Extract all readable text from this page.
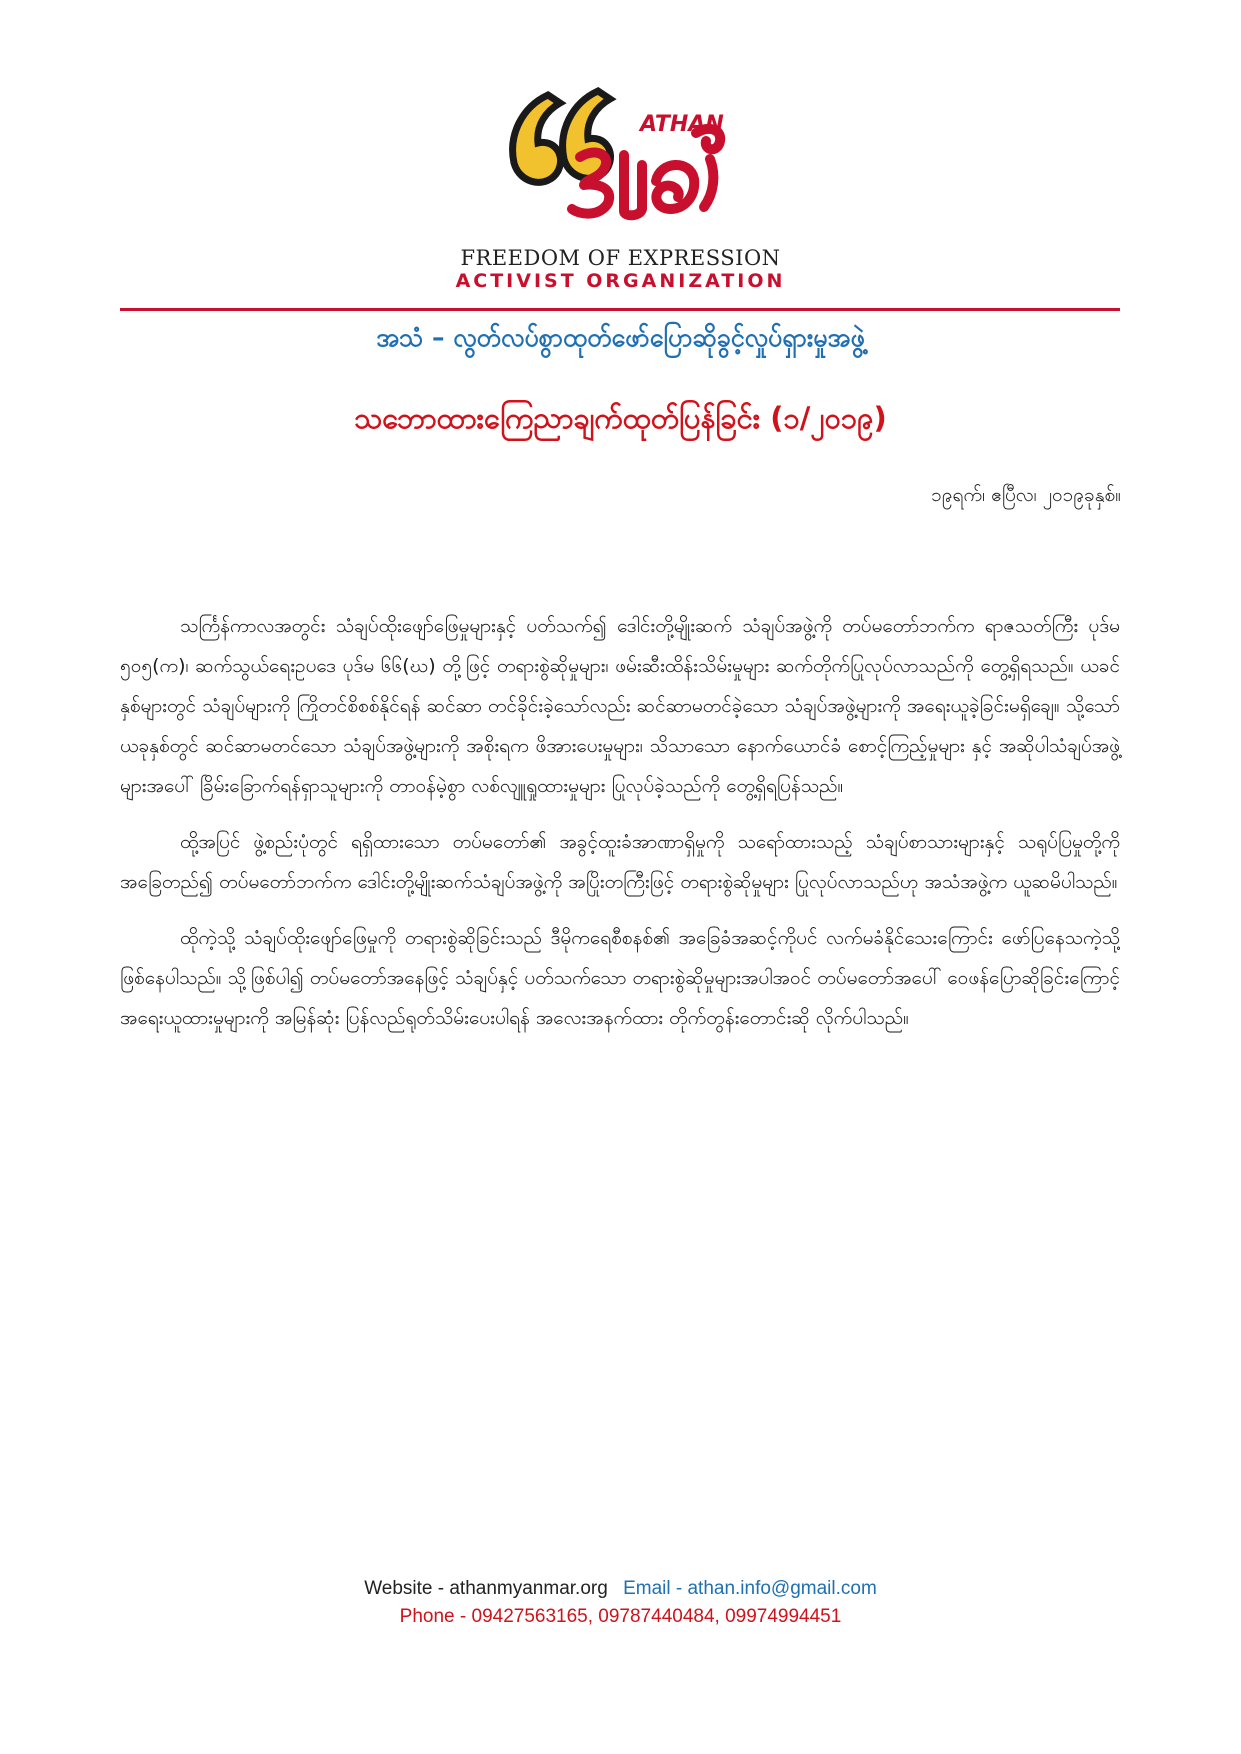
ATHAN
FREEDOM OF EXPRESSION
ACTIVIST ORGANIZATION
အသံ – လွတ်လပ်စွာထုတ်ဖော်ပြောဆိုခွင့်လှုပ်ရှားမှုအဖွဲ့
သဘောထားကြေညာချက်ထုတ်ပြန်ခြင်း (၁/၂၀၁၉)
၁၉ရက်၊ ဧပြီလ၊ ၂၀၁၉ခုနှစ်။

သင်္ကြန်ကာလအတွင်း သံချပ်ထိုးဖျော်ဖြေမှုများနှင့် ပတ်သက်၍ ဒေါင်းတို့မျိုးဆက် သံချပ်အဖွဲ့ကို တပ်မတော်ဘက်က ရာဇသတ်ကြီး ပုဒ်မ ၅၀၅(က)၊ ဆက်သွယ်ရေးဥပဒေ ပုဒ်မ ၆၆(ဃ) တို့ဖြင့် တရားစွဲဆိုမှုများ၊ ဖမ်းဆီးထိန်းသိမ်းမှုများ ဆက်တိုက်ပြုလုပ်လာသည်ကို တွေ့ရှိရသည်။ ယခင်နှစ်များတွင် သံချပ်များကို ကြိုတင်စိစစ်နိုင်ရန် ဆင်ဆာ တင်ခိုင်းခဲ့သော်လည်း ဆင်ဆာမတင်ခဲ့သော သံချပ်အဖွဲ့များကို အရေးယူခဲ့ခြင်းမရှိချေ။ သို့သော် ယခုနှစ်တွင် ဆင်ဆာမတင်သော သံချပ်အဖွဲ့များကို အစိုးရက ဖိအားပေးမှုများ၊ သိသာသော နောက်ယောင်ခံ စောင့်ကြည့်မှုများ နှင့် အဆိုပါသံချပ်အဖွဲ့များအပေါ် ခြိမ်းခြောက်ရန်ရှာသူများကို တာဝန်မဲ့စွာ လစ်လျူရှုထားမှုများ ပြုလုပ်ခဲ့သည်ကို တွေ့ရှိရပြန်သည်။

ထို့အပြင် ဖွဲ့စည်းပုံတွင် ရရှိထားသော တပ်မတော်၏ အခွင့်ထူးခံအာဏာရှိမှုကို သရော်ထားသည့် သံချပ်စာသားများနှင့် သရုပ်ပြမှုတို့ကို အခြေတည်၍ တပ်မတော်ဘက်က ဒေါင်းတို့မျိုးဆက်သံချပ်အဖွဲ့ကို အပြိုးတကြီးဖြင့် တရားစွဲဆိုမှုများ ပြုလုပ်လာသည်ဟု အသံအဖွဲ့က ယူဆမိပါသည်။

ထိုကဲ့သို့ သံချပ်ထိုးဖျော်ဖြေမှုကို တရားစွဲဆိုခြင်းသည် ဒီမိုကရေစီစနစ်၏ အခြေခံအဆင့်ကိုပင် လက်မခံနိုင်သေးကြောင်း ဖော်ပြနေသကဲ့သို့ဖြစ်နေပါသည်။ သို့ဖြစ်ပါ၍ တပ်မတော်အနေဖြင့် သံချပ်နှင့် ပတ်သက်သော တရားစွဲဆိုမှုများအပါအဝင် တပ်မတော်အပေါ် ဝေဖန်ပြောဆိုခြင်းကြောင့် အရေးယူထားမှုများကို အမြန်ဆုံး ပြန်လည်ရုတ်သိမ်းပေးပါရန် အလေးအနက်ထား တိုက်တွန်းတောင်းဆို လိုက်ပါသည်။

Website - athanmyanmar.org Email - athan.info@gmail.com
Phone - 09427563165, 09787440484, 09974994451
